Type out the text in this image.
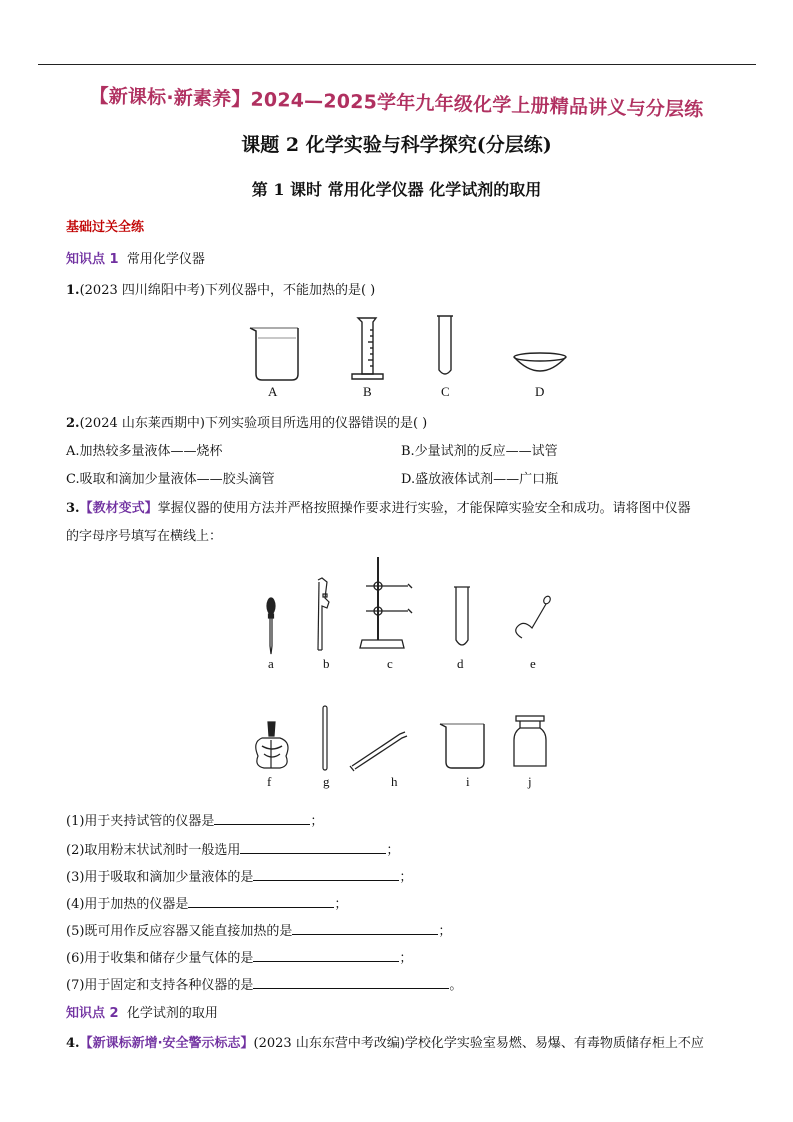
【新课标·新素养】2024—2025学年九年级化学上册精品讲义与分层练
课题 2 化学实验与科学探究(分层练)
第 1 课时 常用化学仪器 化学试剂的取用
基础过关全练
知识点 1 常用化学仪器
1.(2023 四川绵阳中考)下列仪器中，不能加热的是( )
A	B	C	D
a	b	c	d	e
f	g	h	i	j
2.(2024 山东莱西期中)下列实验项目所选用的仪器错误的是( )
A.加热较多量液体——烧杯	B.少量试剂的反应——试管
C.吸取和滴加少量液体——胶头滴管	D.盛放液体试剂——广口瓶
3.【教材变式】掌握仪器的使用方法并严格按照操作要求进行实验，才能保障实验安全和成功。请将图中仪器
的字母序号填写在横线上：
(1)用于夹持试管的仪器是	；
(2)取用粉末状试剂时一般选用	；
(3)用于吸取和滴加少量液体的是	；
(4)用于加热的仪器是	；
(5)既可用作反应容器又能直接加热的是	；
(6)用于收集和储存少量气体的是	；
(7)用于固定和支持各种仪器的是	。
知识点 2 化学试剂的取用
4.【新课标新增·安全警示标志】(2023 山东东营中考改编)学校化学实验室易燃、易爆、有毒物质储存柜上不应
